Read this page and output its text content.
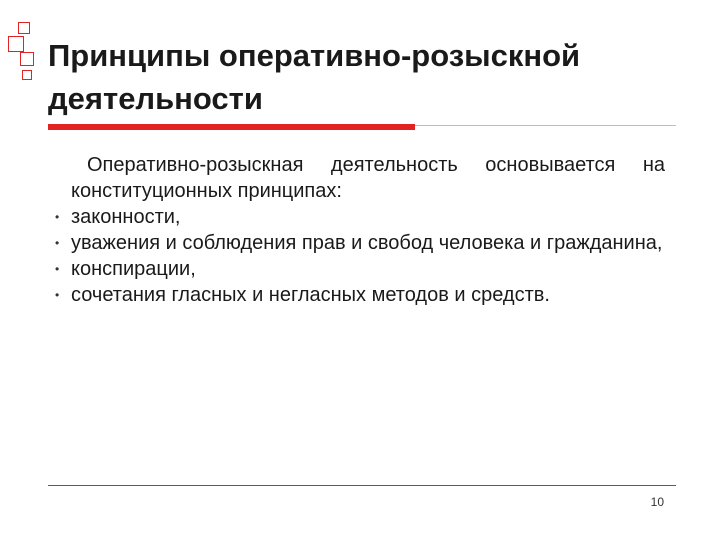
Принципы оперативно-розыскной деятельности

Оперативно-розыскная деятельность основывается на конституционных принципах:

• законности,
• уважения и соблюдения прав и свобод человека и гражданина,
• конспирации,
• сочетания гласных и негласных методов и средств.
10
